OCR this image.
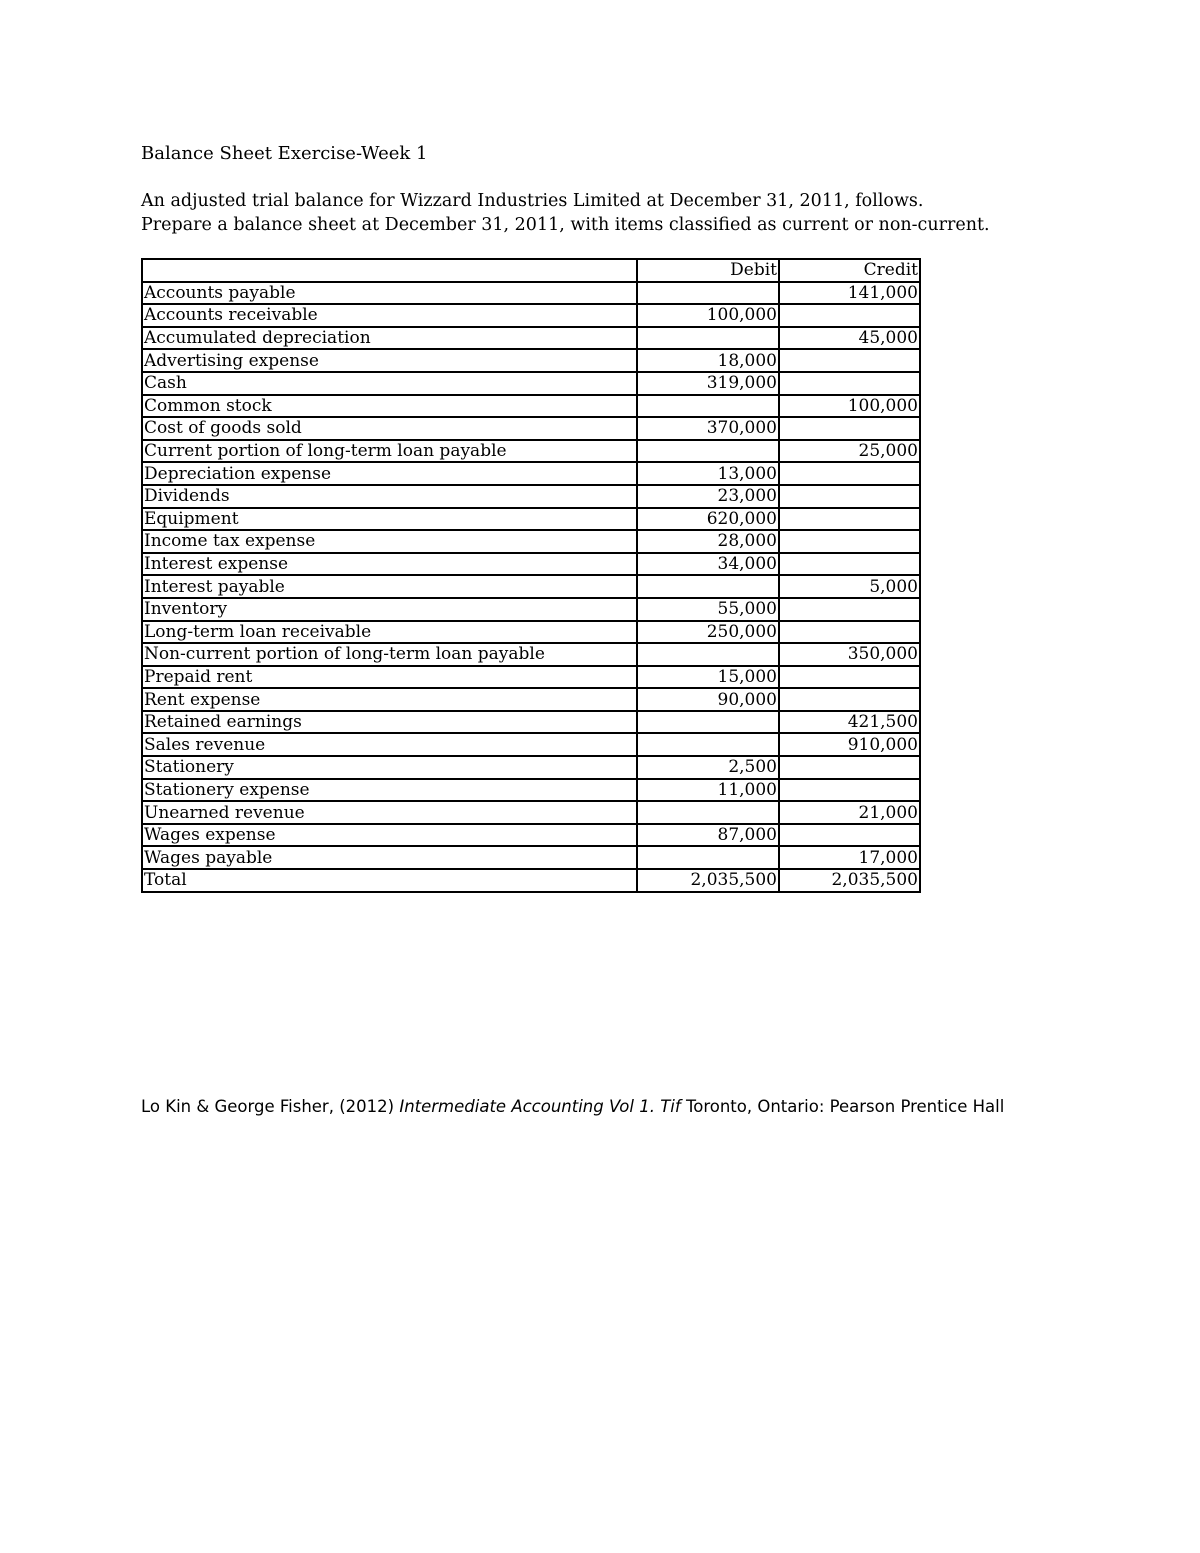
Balance Sheet Exercise-Week 1
An adjusted trial balance for Wizzard Industries Limited at December 31, 2011, follows.
Prepare a balance sheet at December 31, 2011, with items classified as current or non-current.
	Debit	Credit
Accounts payable		141,000
Accounts receivable	100,000	
Accumulated depreciation		45,000
Advertising expense	18,000	
Cash	319,000	
Common stock		100,000
Cost of goods sold	370,000	
Current portion of long-term loan payable		25,000
Depreciation expense	13,000	
Dividends	23,000	
Equipment	620,000	
Income tax expense	28,000	
Interest expense	34,000	
Interest payable		5,000
Inventory	55,000	
Long-term loan receivable	250,000	
Non-current portion of long-term loan payable		350,000
Prepaid rent	15,000	
Rent expense	90,000	
Retained earnings		421,500
Sales revenue		910,000
Stationery	2,500	
Stationery expense	11,000	
Unearned revenue		21,000
Wages expense	87,000	
Wages payable		17,000
Total	2,035,500	2,035,500
Lo Kin & George Fisher, (2012) Intermediate Accounting Vol 1. Tif Toronto, Ontario: Pearson Prentice Hall
